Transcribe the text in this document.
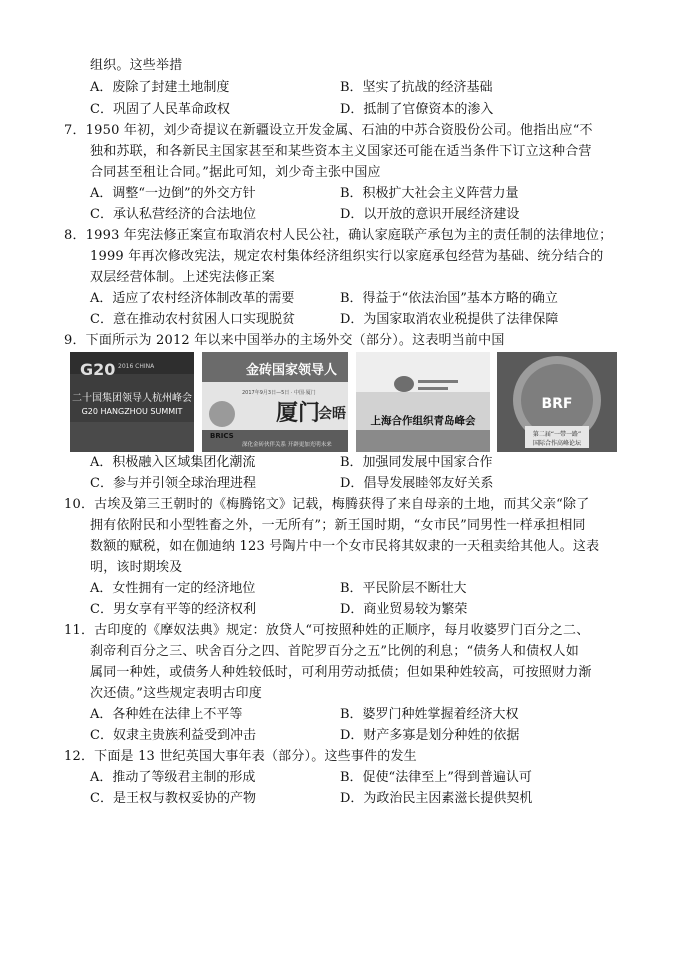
组织。这些举措
A．废除了封建土地制度	B．坚实了抗战的经济基础
C．巩固了人民革命政权	D．抵制了官僚资本的渗入
7．1950 年初，刘少奇提议在新疆设立开发金属、石油的中苏合资股份公司。他指出应“不
独和苏联，和各新民主国家甚至和某些资本主义国家还可能在适当条件下订立这种合营
合同甚至租让合同。”据此可知，刘少奇主张中国应
A．调整“一边倒”的外交方针	B．积极扩大社会主义阵营力量
C．承认私营经济的合法地位	D．以开放的意识开展经济建设
8．1993 年宪法修正案宣布取消农村人民公社，确认家庭联产承包为主的责任制的法律地位；
1999 年再次修改宪法，规定农村集体经济组织实行以家庭承包经营为基础、统分结合的
双层经营体制。上述宪法修正案
A．适应了农村经济体制改革的需要	B．得益于“依法治国”基本方略的确立
C．意在推动农村贫困人口实现脱贫	D．为国家取消农业税提供了法律保障
9．下面所示为 2012 年以来中国举办的主场外交（部分）。这表明当前中国
G20 2016 CHINA
二十国集团领导人杭州峰会
G20 HANGZHOU SUMMIT
金砖国家领导人
厦门
会晤
BRICS
2017年9月3日—5日 · 中国·厦门
深化金砖伙伴关系 开辟更加光明未来
上海合作组织青岛峰会
BRF
第二届“一带一路”
国际合作高峰论坛
A．积极融入区域集团化潮流	B．加强同发展中国家合作
C．参与并引领全球治理进程	D．倡导发展睦邻友好关系
10．古埃及第三王朝时的《梅腾铭文》记载，梅腾获得了来自母亲的土地，而其父亲“除了
拥有依附民和小型牲畜之外，一无所有”；新王国时期，“女市民”同男性一样承担相同
数额的赋税，如在伽迪纳 123 号陶片中一个女市民将其奴隶的一天租卖给其他人。这表
明，该时期埃及
A．女性拥有一定的经济地位	B．平民阶层不断壮大
C．男女享有平等的经济权利	D．商业贸易较为繁荣
11．古印度的《摩奴法典》规定：放贷人“可按照种姓的正顺序，每月收婆罗门百分之二、
刹帝利百分之三、吠舍百分之四、首陀罗百分之五”比例的利息；“债务人和债权人如
属同一种姓，或债务人种姓较低时，可利用劳动抵债；但如果种姓较高，可按照财力渐
次还债。”这些规定表明古印度
A．各种姓在法律上不平等	B．婆罗门种姓掌握着经济大权
C．奴隶主贵族利益受到冲击	D．财产多寡是划分种姓的依据
12．下面是 13 世纪英国大事年表（部分）。这些事件的发生
A．推动了等级君主制的形成	B．促使“法律至上”得到普遍认可
C．是王权与教权妥协的产物	D．为政治民主因素滋长提供契机
